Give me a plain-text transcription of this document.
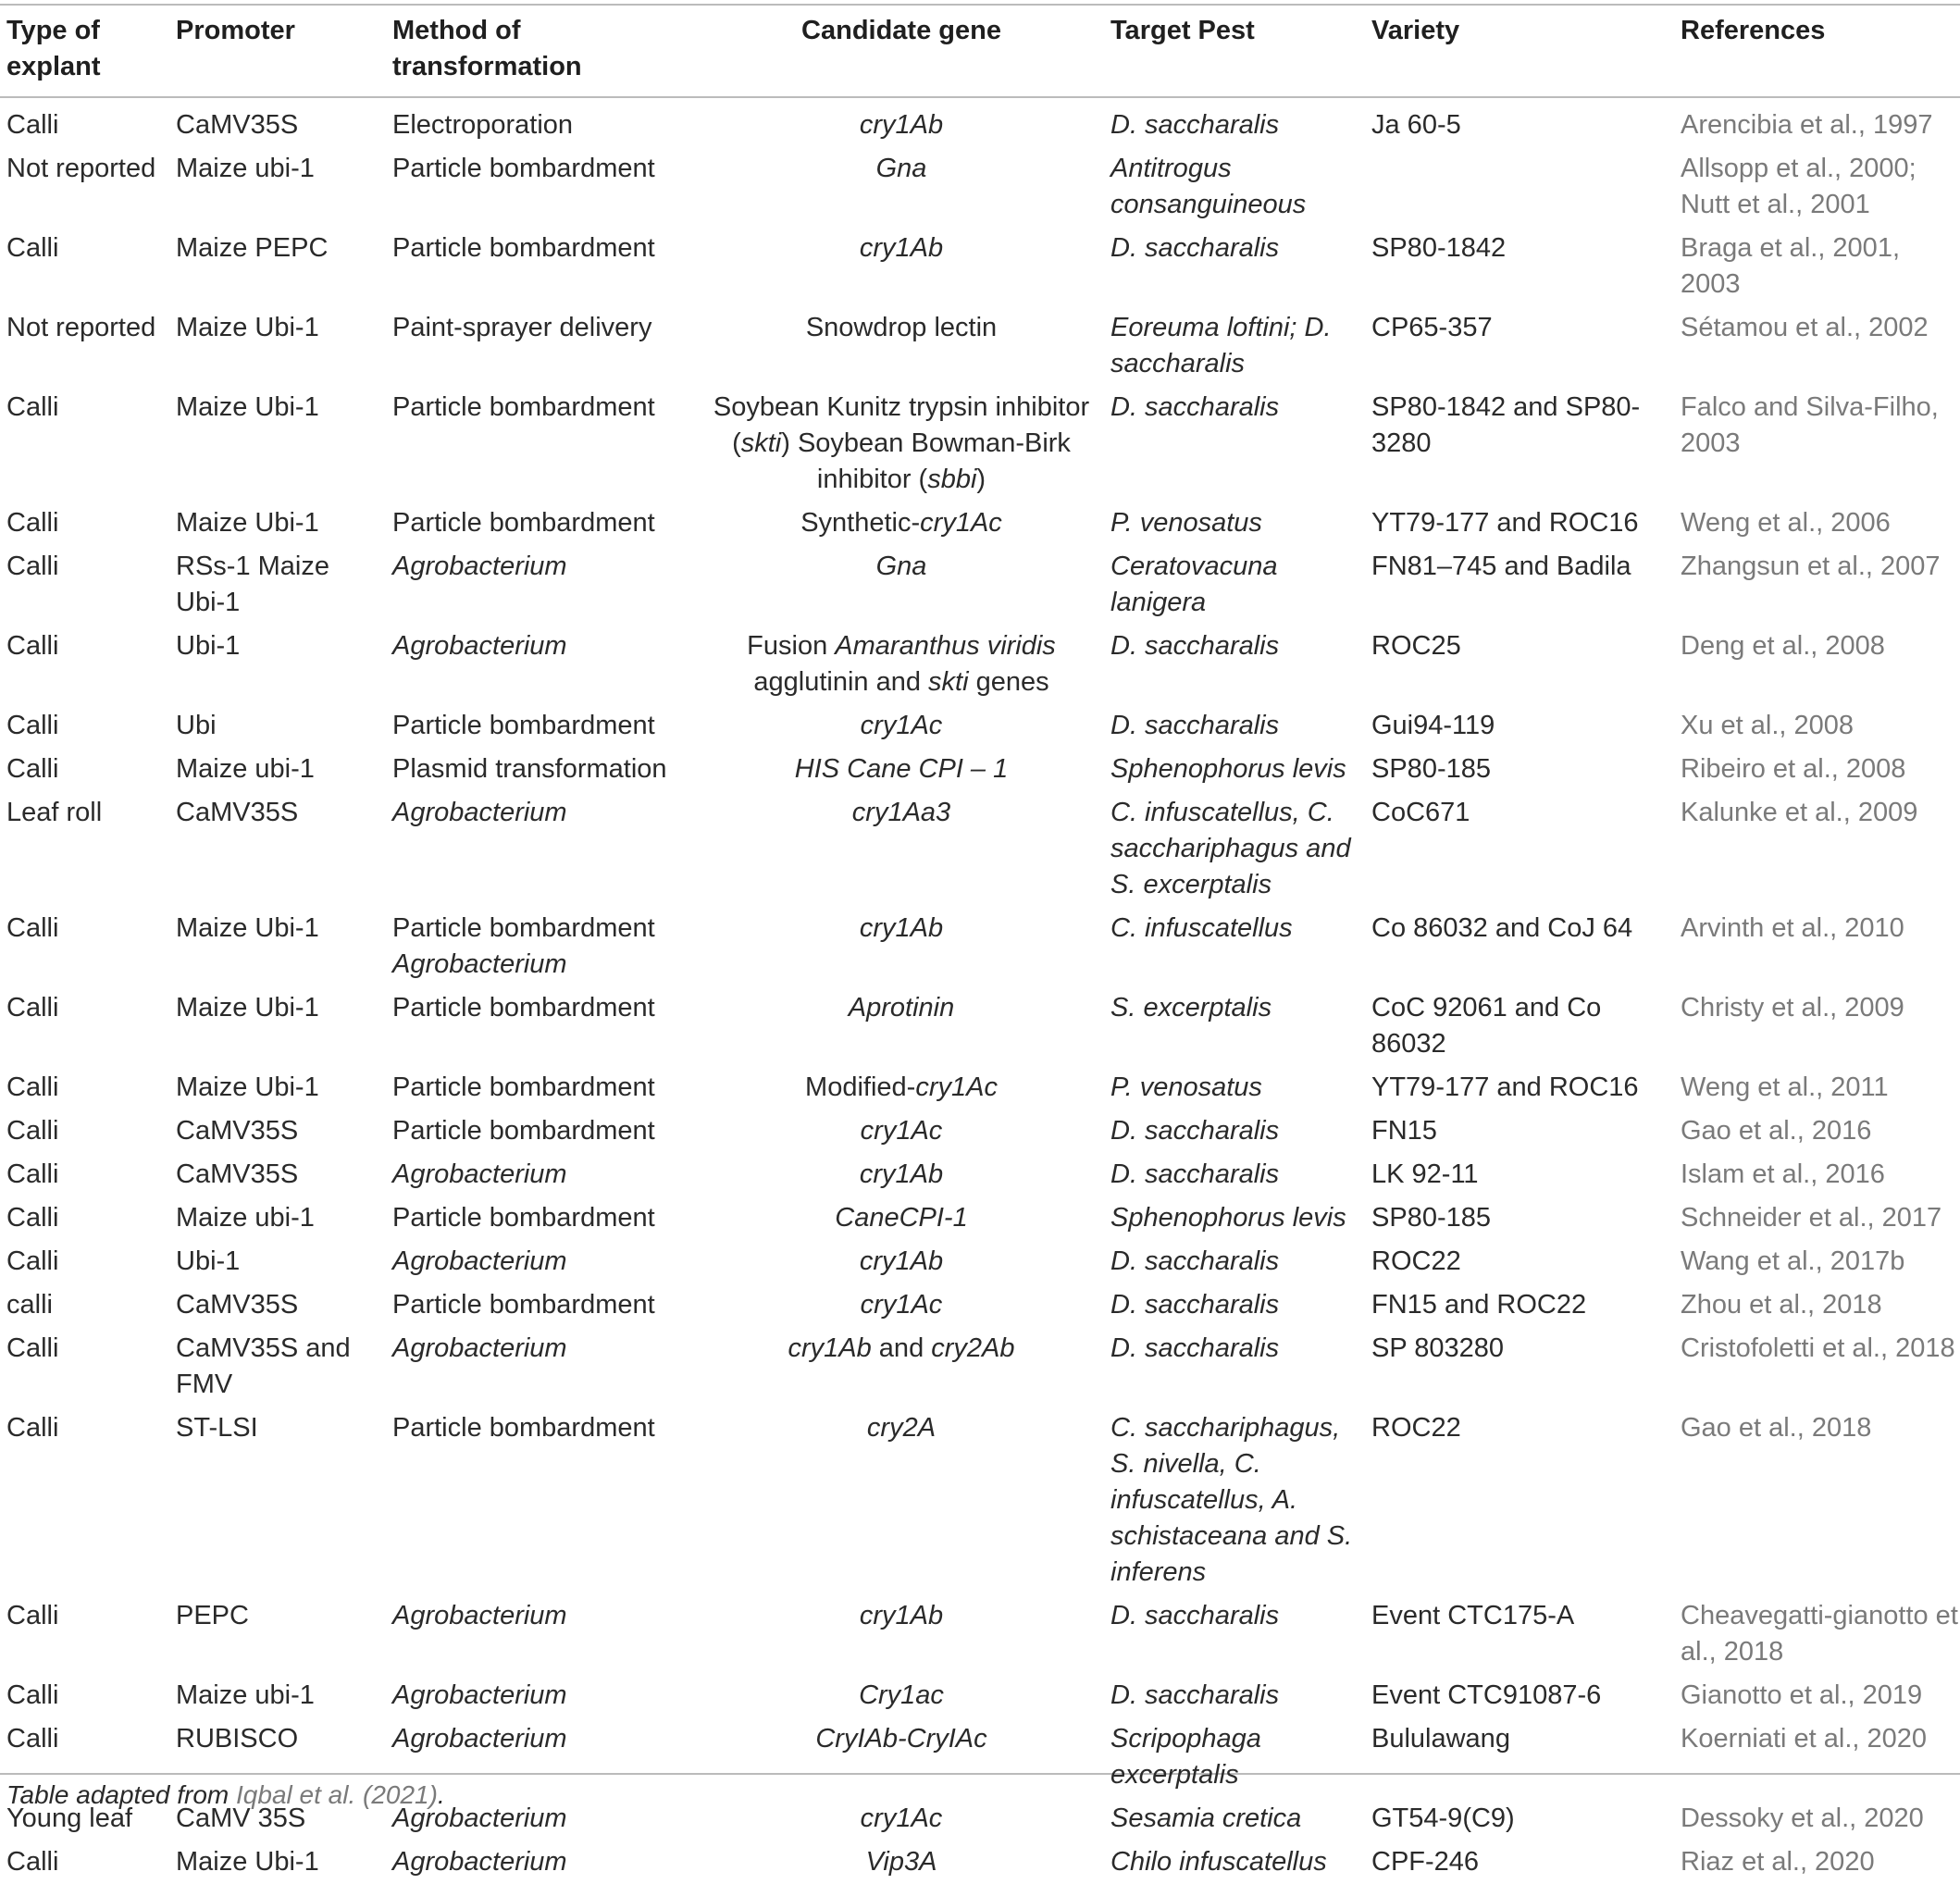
Type of explant	Promoter	Method of transformation	Candidate gene	Target Pest	Variety	References
Calli	CaMV35S	Electroporation	cry1Ab	D. saccharalis	Ja 60-5	Arencibia et al., 1997
Not reported	Maize ubi-1	Particle bombardment	Gna	Antitrogus consanguineous		Allsopp et al., 2000; Nutt et al., 2001
Calli	Maize PEPC	Particle bombardment	cry1Ab	D. saccharalis	SP80-1842	Braga et al., 2001, 2003
Not reported	Maize Ubi-1	Paint-sprayer delivery	Snowdrop lectin	Eoreuma loftini; D. saccharalis	CP65-357	Sétamou et al., 2002
Calli	Maize Ubi-1	Particle bombardment	Soybean Kunitz trypsin inhibitor (skti) Soybean Bowman-Birk inhibitor (sbbi)	D. saccharalis	SP80-1842 and SP80-3280	Falco and Silva-Filho, 2003
Calli	Maize Ubi-1	Particle bombardment	Synthetic-cry1Ac	P. venosatus	YT79-177 and ROC16	Weng et al., 2006
Calli	RSs-1 Maize Ubi-1	Agrobacterium	Gna	Ceratovacuna lanigera	FN81–745 and Badila	Zhangsun et al., 2007
Calli	Ubi-1	Agrobacterium	Fusion Amaranthus viridis agglutinin and skti genes	D. saccharalis	ROC25	Deng et al., 2008
Calli	Ubi	Particle bombardment	cry1Ac	D. saccharalis	Gui94-119	Xu et al., 2008
Calli	Maize ubi-1	Plasmid transformation	HIS Cane CPI – 1	Sphenophorus levis	SP80-185	Ribeiro et al., 2008
Leaf roll	CaMV35S	Agrobacterium	cry1Aa3	C. infuscatellus, C. sacchariphagus and S. excerptalis	CoC671	Kalunke et al., 2009
Calli	Maize Ubi-1	Particle bombardment Agrobacterium	cry1Ab	C. infuscatellus	Co 86032 and CoJ 64	Arvinth et al., 2010
Calli	Maize Ubi-1	Particle bombardment	Aprotinin	S. excerptalis	CoC 92061 and Co 86032	Christy et al., 2009
Calli	Maize Ubi-1	Particle bombardment	Modified-cry1Ac	P. venosatus	YT79-177 and ROC16	Weng et al., 2011
Calli	CaMV35S	Particle bombardment	cry1Ac	D. saccharalis	FN15	Gao et al., 2016
Calli	CaMV35S	Agrobacterium	cry1Ab	D. saccharalis	LK 92-11	Islam et al., 2016
Calli	Maize ubi-1	Particle bombardment	CaneCPI-1	Sphenophorus levis	SP80-185	Schneider et al., 2017
Calli	Ubi-1	Agrobacterium	cry1Ab	D. saccharalis	ROC22	Wang et al., 2017b
calli	CaMV35S	Particle bombardment	cry1Ac	D. saccharalis	FN15 and ROC22	Zhou et al., 2018
Calli	CaMV35S and FMV	Agrobacterium	cry1Ab and cry2Ab	D. saccharalis	SP 803280	Cristofoletti et al., 2018
Calli	ST-LSI	Particle bombardment	cry2A	C. sacchariphagus, S. nivella, C. infuscatellus, A. schistaceana and S. inferens	ROC22	Gao et al., 2018
Calli	PEPC	Agrobacterium	cry1Ab	D. saccharalis	Event CTC175-A	Cheavegatti-gianotto et al., 2018
Calli	Maize ubi-1	Agrobacterium	Cry1ac	D. saccharalis	Event CTC91087-6	Gianotto et al., 2019
Calli	RUBISCO	Agrobacterium	CryIAb-CryIAc	Scripophaga excerptalis	Bululawang	Koerniati et al., 2020
Young leaf	CaMV 35S	Agrobacterium	cry1Ac	Sesamia cretica	GT54-9(C9)	Dessoky et al., 2020
Calli	Maize Ubi-1	Agrobacterium	Vip3A	Chilo infuscatellus	CPF-246	Riaz et al., 2020
Table adapted from Iqbal et al. (2021).
